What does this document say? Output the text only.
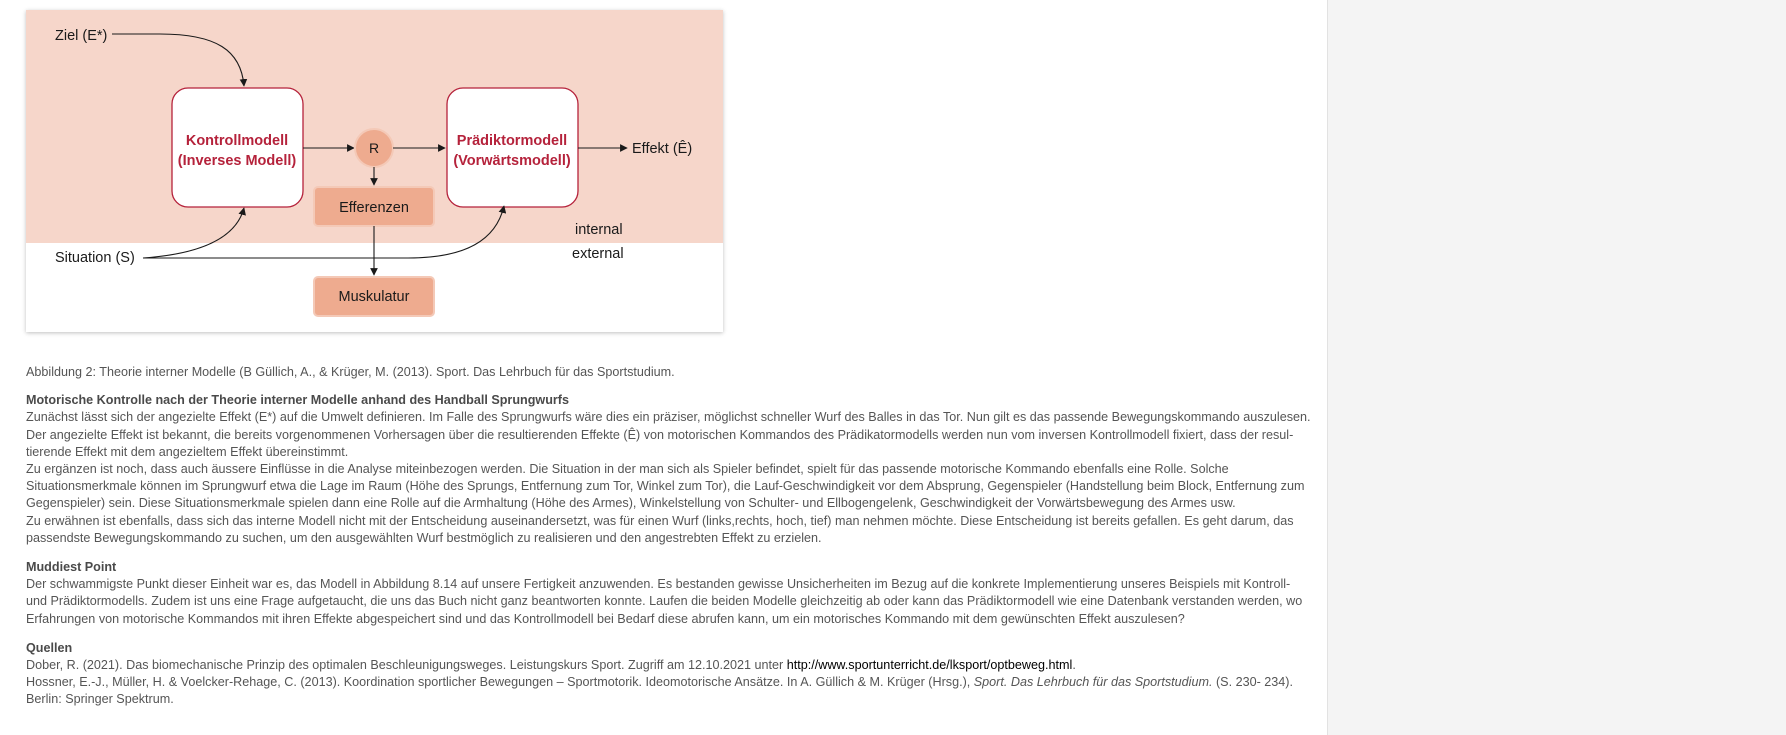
Ziel (E*)
Kontrollmodell
(Inverses Modell)
R	Prädiktormodell
(Vorwärtsmodell)
Effekt (Ê)
Efferenzen
internal
external
Situation (S)
Muskulatur

Abbildung 2: Theorie interner Modelle (B Güllich, A., & Krüger, M. (2013). Sport. Das Lehrbuch für das Sportstudium.

Motorische Kontrolle nach der Theorie interner Modelle anhand des Handball Sprungwurfs

Zunächst lässt sich der angezielte Effekt (E*) auf die Umwelt definieren. Im Falle des Sprungwurfs wäre dies ein präziser, möglichst schneller Wurf des Balles in das Tor. Nun gilt es das passende Bewegungskommando auszulesen. Der angezielte Effekt ist bekannt, die bereits vorgenommenen Vorhersagen über die resultierenden Effekte (Ê) von motorischen Kommandos des Prädikatormodells werden nun vom inversen Kontrollmodell fixiert, dass der resultierende Effekt mit dem angezieltem Effekt übereinstimmt.

Zu ergänzen ist noch, dass auch äussere Einflüsse in die Analyse miteinbezogen werden. Die Situation in der man sich als Spieler befindet, spielt für das passende motorische Kommando ebenfalls eine Rolle. Solche Situationsmerkmale können im Sprungwurf etwa die Lage im Raum (Höhe des Sprungs, Entfernung zum Tor, Winkel zum Tor), die Lauf-Geschwindigkeit vor dem Absprung, Gegenspieler (Handstellung beim Block, Entfernung zum Gegenspieler) sein. Diese Situationsmerkmale spielen dann eine Rolle auf die Armhaltung (Höhe des Armes), Winkelstellung von Schulter- und Ellbogengelenk, Geschwindigkeit der Vorwärtsbewegung des Armes usw.

Zu erwähnen ist ebenfalls, dass sich das interne Modell nicht mit der Entscheidung auseinandersetzt, was für einen Wurf (links,rechts, hoch, tief) man nehmen möchte. Diese Entscheidung ist bereits gefallen. Es geht darum, das passendste Bewegungskommando zu suchen, um den ausgewählten Wurf bestmöglich zu realisieren und den angestrebten Effekt zu erzielen.

Muddiest Point

Der schwammigste Punkt dieser Einheit war es, das Modell in Abbildung 8.14 auf unsere Fertigkeit anzuwenden. Es bestanden gewisse Unsicherheiten im Bezug auf die konkrete Implementierung unseres Beispiels mit Kontroll- und Prädiktormodells. Zudem ist uns eine Frage aufgetaucht, die uns das Buch nicht ganz beantworten konnte. Laufen die beiden Modelle gleichzeitig ab oder kann das Prädiktormodell wie eine Datenbank verstanden werden, wo Erfahrungen von motorische Kommandos mit ihren Effekte abgespeichert sind und das Kontrollmodell bei Bedarf diese abrufen kann, um ein motorisches Kommando mit dem gewünschten Effekt auszulesen?

Quellen

Dober, R. (2021). Das biomechanische Prinzip des optimalen Beschleunigungsweges. Leistungskurs Sport. Zugriff am 12.10.2021 unter http://www.sportunterricht.de/lksport/optbeweg.html.

Hossner, E.-J., Müller, H. & Voelcker-Rehage, C. (2013). Koordination sportlicher Bewegungen – Sportmotorik. Ideomotorische Ansätze. In A. Güllich & M. Krüger (Hrsg.), Sport. Das Lehrbuch für das Sportstudium. (S. 230- 234). Berlin: Springer Spektrum.
